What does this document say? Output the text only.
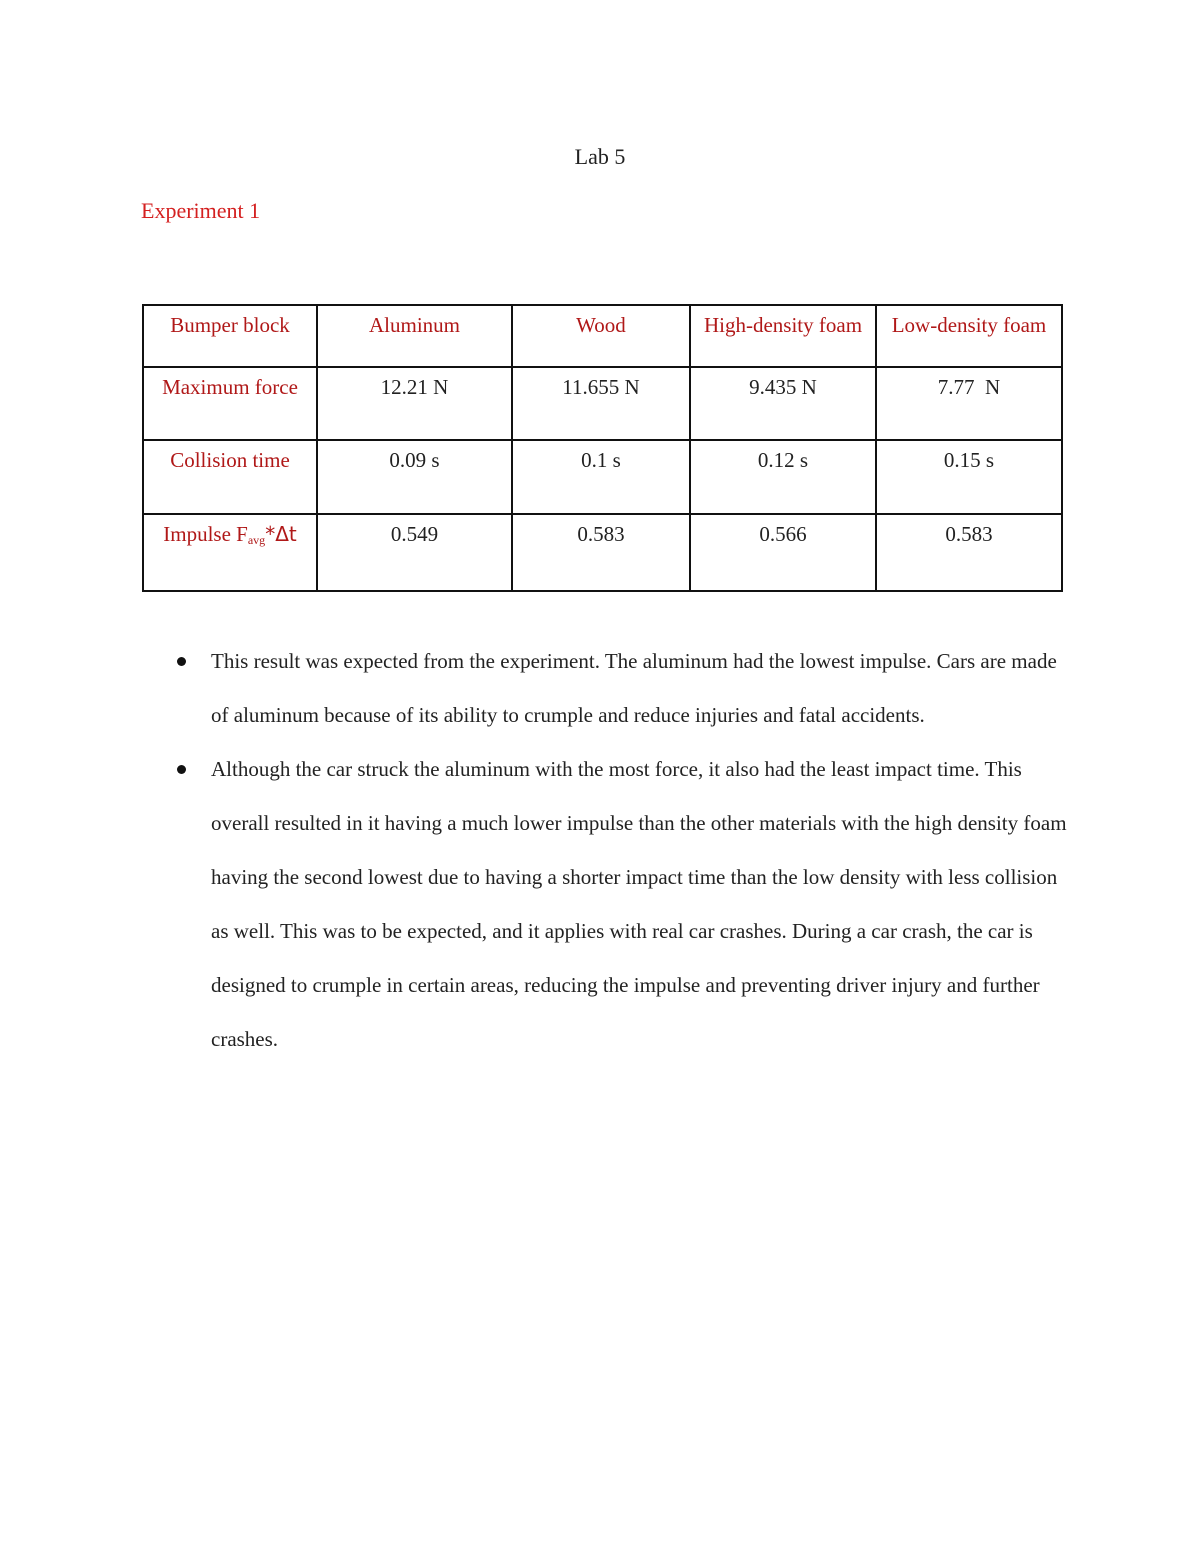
Lab 5
Experiment 1
Bumper block	Aluminum	Wood	High-density foam	Low-density foam
Maximum force	12.21 N	11.655 N	9.435 N	7.77  N
Collision time	0.09 s	0.1 s	0.12 s	0.15 s
Impulse $F_{avg}*\Delta t$	0.549	0.583	0.566	0.583
This result was expected from the experiment. The aluminum had the lowest impulse. Cars are made of aluminum because of its ability to crumple and reduce injuries and fatal accidents.
Although the car struck the aluminum with the most force, it also had the least impact time. This overall resulted in it having a much lower impulse than the other materials with the high density foam having the second lowest due to having a shorter impact time than the low density with less collision as well. This was to be expected, and it applies with real car crashes. During a car crash, the car is designed to crumple in certain areas, reducing the impulse and preventing driver injury and further crashes.
